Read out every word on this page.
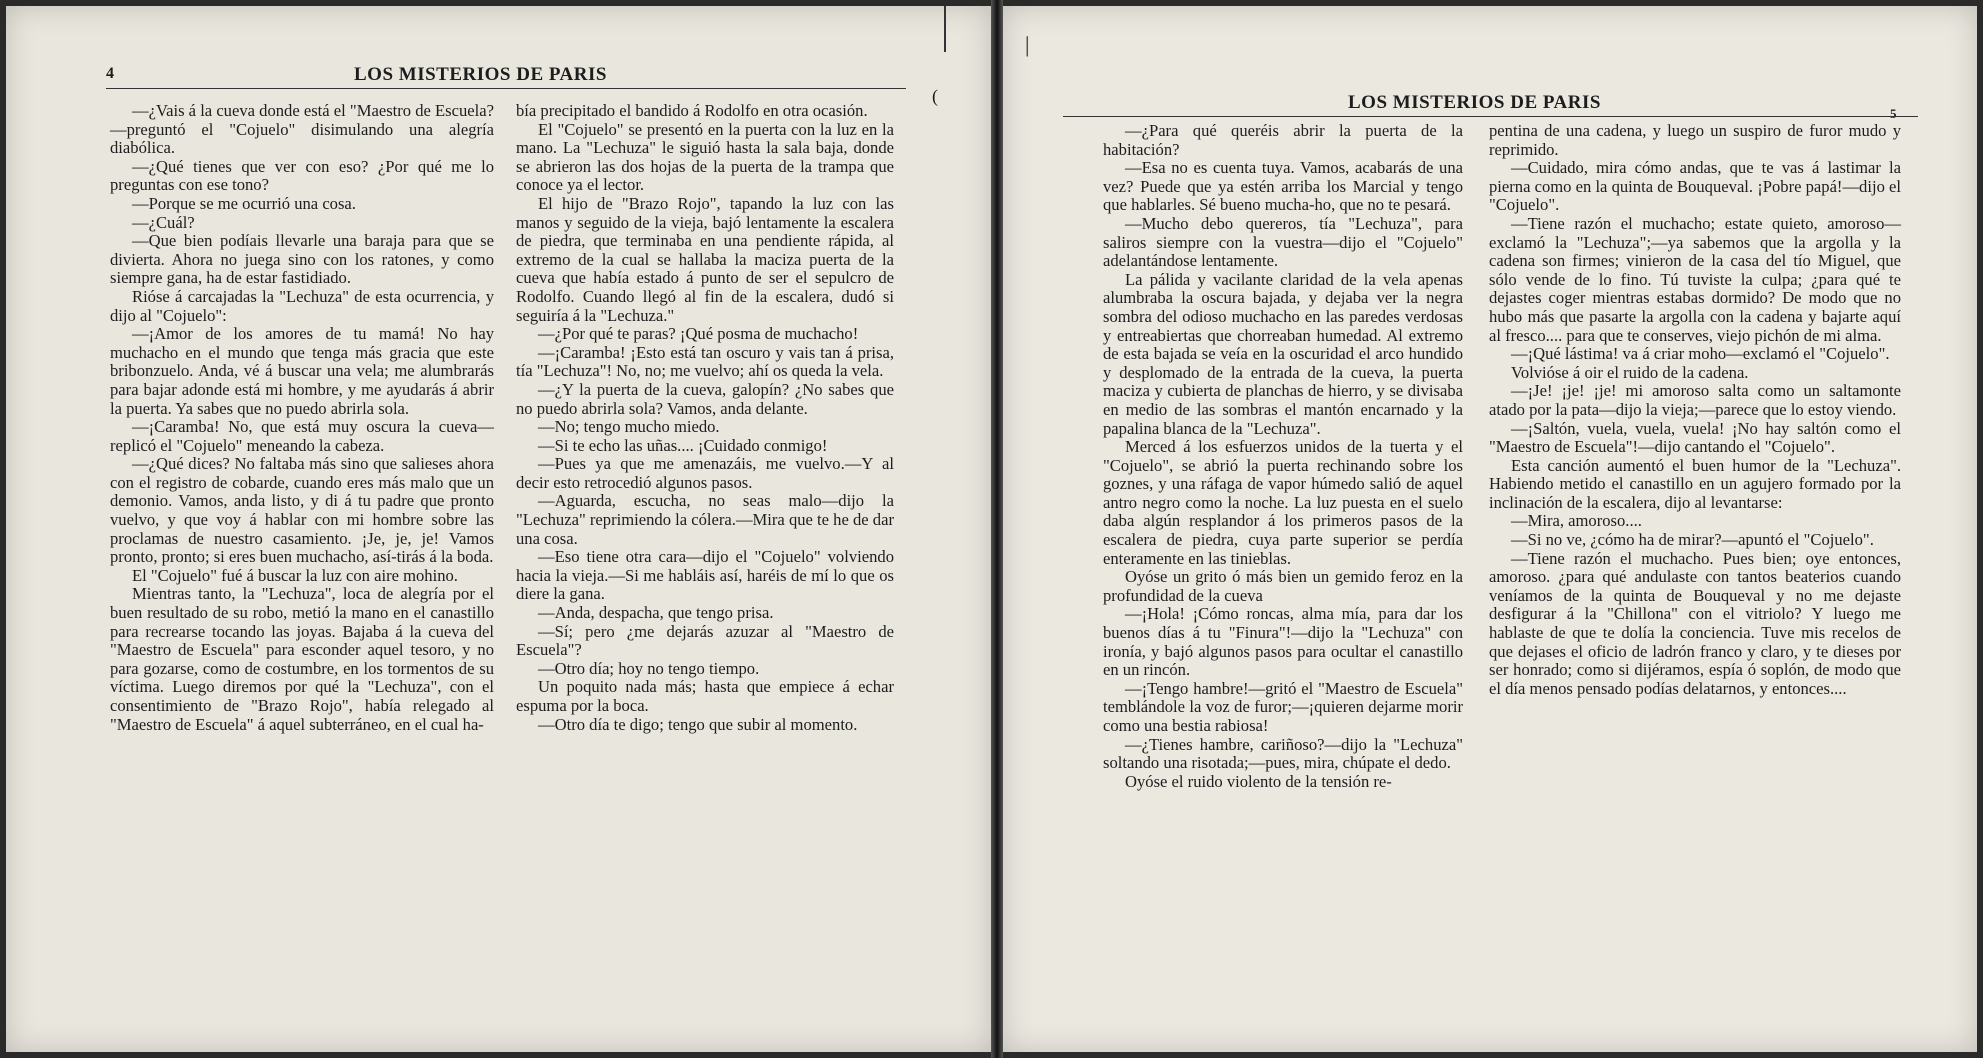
4	LOS MISTERIOS DE PARIS

—¿Vais á la cueva donde está el "Maestro de Escuela?—preguntó el "Cojuelo" disimulando una alegría diabólica.

—¿Qué tienes que ver con eso? ¿Por qué me lo preguntas con ese tono?

—Porque se me ocurrió una cosa.

—¿Cuál?

—Que bien podíais llevarle una baraja para que se divierta. Ahora no juega sino con los ratones, y como siempre gana, ha de estar fastidiado.

Rióse á carcajadas la "Lechuza" de esta ocurrencia, y dijo al "Cojuelo":

—¡Amor de los amores de tu mamá! No hay muchacho en el mundo que tenga más gracia que este bribonzuelo. Anda, vé á buscar una vela; me alumbrarás para bajar adonde está mi hombre, y me ayudarás á abrir la puerta. Ya sabes que no puedo abrirla sola.

—¡Caramba! No, que está muy oscura la cueva—replicó el "Cojuelo" meneando la cabeza.

—¿Qué dices? No faltaba más sino que salieses ahora con el registro de cobarde, cuando eres más malo que un demonio. Vamos, anda listo, y di á tu padre que pronto vuelvo, y que voy á hablar con mi hombre sobre las proclamas de nuestro casamiento. ¡Je, je, je! Vamos pronto, pronto; si eres buen muchacho, así-tirás á la boda.

El "Cojuelo" fué á buscar la luz con aire mohino.

Mientras tanto, la "Lechuza", loca de alegría por el buen resultado de su robo, metió la mano en el canastillo para recrearse tocando las joyas. Bajaba á la cueva del "Maestro de Escuela" para esconder aquel tesoro, y no para gozarse, como de costumbre, en los tormentos de su víctima. Luego diremos por qué la "Lechuza", con el consentimiento de "Brazo Rojo", había relegado al "Maestro de Escuela" á aquel subterráneo, en el cual ha-

bía precipitado el bandido á Rodolfo en otra ocasión.

El "Cojuelo" se presentó en la puerta con la luz en la mano. La "Lechuza" le siguió hasta la sala baja, donde se abrieron las dos hojas de la puerta de la trampa que conoce ya el lector.

El hijo de "Brazo Rojo", tapando la luz con las manos y seguido de la vieja, bajó lentamente la escalera de piedra, que terminaba en una pendiente rápida, al extremo de la cual se hallaba la maciza puerta de la cueva que había estado á punto de ser el sepulcro de Rodolfo. Cuando llegó al fin de la escalera, dudó si seguiría á la "Lechuza."

—¿Por qué te paras? ¡Qué posma de muchacho!

—¡Caramba! ¡Esto está tan oscuro y vais tan á prisa, tía "Lechuza"! No, no; me vuelvo; ahí os queda la vela.

—¿Y la puerta de la cueva, galopín? ¿No sabes que no puedo abrirla sola? Vamos, anda delante.

—No; tengo mucho miedo.

—Si te echo las uñas.... ¡Cuidado conmigo!

—Pues ya que me amenazáis, me vuelvo.—Y al decir esto retrocedió algunos pasos.

—Aguarda, escucha, no seas malo—dijo la "Lechuza" reprimiendo la cólera.—Mira que te he de dar una cosa.

—Eso tiene otra cara—dijo el "Cojuelo" volviendo hacia la vieja.—Si me habláis así, haréis de mí lo que os diere la gana.

—Anda, despacha, que tengo prisa.

—Sí; pero ¿me dejarás azuzar al "Maestro de Escuela"?

—Otro día; hoy no tengo tiempo.

Un poquito nada más; hasta que empiece á echar espuma por la boca.

—Otro día te digo; tengo que subir al momento.

(	LOS MISTERIOS DE PARIS
5

—¿Para qué queréis abrir la puerta de la habitación?

—Esa no es cuenta tuya. Vamos, acabarás de una vez? Puede que ya estén arriba los Marcial y tengo que hablarles. Sé bueno mucha-ho, que no te pesará.

—Mucho debo quereros, tía "Lechuza", para saliros siempre con la vuestra—dijo el "Cojuelo" adelantándose lentamente.

La pálida y vacilante claridad de la vela apenas alumbraba la oscura bajada, y dejaba ver la negra sombra del odioso muchacho en las paredes verdosas y entreabiertas que chorreaban humedad. Al extremo de esta bajada se veía en la oscuridad el arco hundido y desplomado de la entrada de la cueva, la puerta maciza y cubierta de planchas de hierro, y se divisaba en medio de las sombras el mantón encarnado y la papalina blanca de la "Lechuza".

Merced á los esfuerzos unidos de la tuerta y el "Cojuelo", se abrió la puerta rechinando sobre los goznes, y una ráfaga de vapor húmedo salió de aquel antro negro como la noche. La luz puesta en el suelo daba algún resplandor á los primeros pasos de la escalera de piedra, cuya parte superior se perdía enteramente en las tinieblas.

Oyóse un grito ó más bien un gemido feroz en la profundidad de la cueva

—¡Hola! ¡Cómo roncas, alma mía, para dar los buenos días á tu "Finura"!—dijo la "Lechuza" con ironía, y bajó algunos pasos para ocultar el canastillo en un rincón.

—¡Tengo hambre!—gritó el "Maestro de Escuela" temblándole la voz de furor;—¡quieren dejarme morir como una bestia rabiosa!

—¿Tienes hambre, cariñoso?—dijo la "Lechuza" soltando una risotada;—pues, mira, chúpate el dedo.

Oyóse el ruido violento de la tensión re-

pentina de una cadena, y luego un suspiro de furor mudo y reprimido.

—Cuidado, mira cómo andas, que te vas á lastimar la pierna como en la quinta de Bouqueval. ¡Pobre papá!—dijo el "Cojuelo".

—Tiene razón el muchacho; estate quieto, amoroso—exclamó la "Lechuza";—ya sabemos que la argolla y la cadena son firmes; vinieron de la casa del tío Miguel, que sólo vende de lo fino. Tú tuviste la culpa; ¿para qué te dejastes coger mientras estabas dormido? De modo que no hubo más que pasarte la argolla con la cadena y bajarte aquí al fresco.... para que te conserves, viejo pichón de mi alma.

—¡Qué lástima! va á criar moho—exclamó el "Cojuelo".

Volvióse á oir el ruido de la cadena.

—¡Je! ¡je! ¡je! mi amoroso salta como un saltamonte atado por la pata—dijo la vieja;—parece que lo estoy viendo.

—¡Saltón, vuela, vuela, vuela! ¡No hay saltón como el "Maestro de Escuela"!—dijo cantando el "Cojuelo".

Esta canción aumentó el buen humor de la "Lechuza". Habiendo metido el canastillo en un agujero formado por la inclinación de la escalera, dijo al levantarse:

—Mira, amoroso....

—Si no ve, ¿cómo ha de mirar?—apuntó el "Cojuelo".

—Tiene razón el muchacho. Pues bien; oye entonces, amoroso. ¿para qué andulaste con tantos beaterios cuando veníamos de la quinta de Bouqueval y no me dejaste desfigurar á la "Chillona" con el vitriolo? Y luego me hablaste de que te dolía la conciencia. Tuve mis recelos de que dejases el oficio de ladrón franco y claro, y te dieses por ser honrado; como si dijéramos, espía ó soplón, de modo que el día menos pensado podías delatarnos, y entonces....

|
